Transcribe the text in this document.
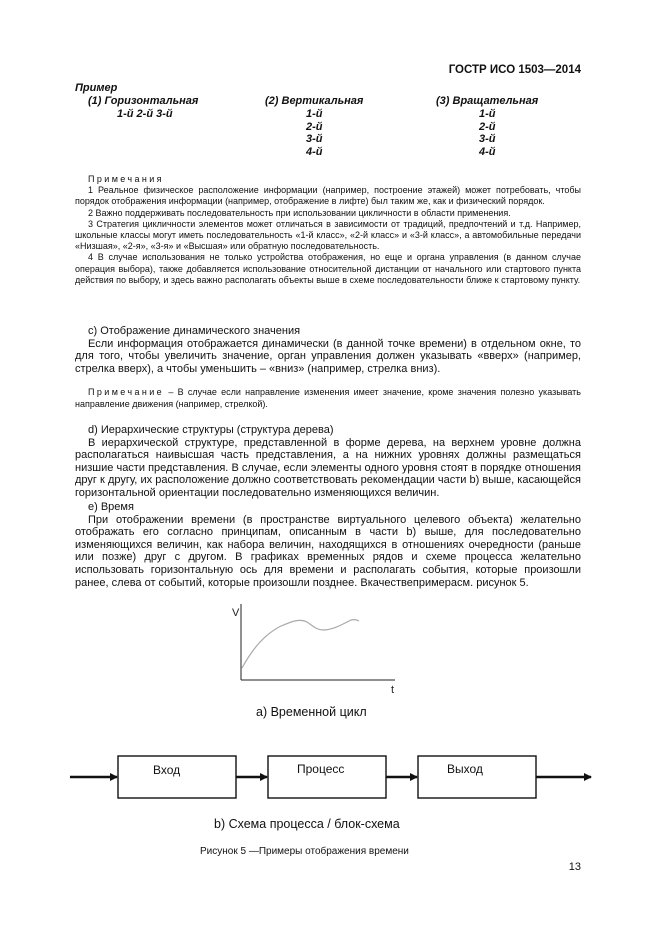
ГОСТР ИСО 1503—2014
Пример
(1) Горизонтальная
1-й 2-й 3-й
(2) Вертикальная
1-й
2-й
3-й
4-й
(3) Вращательная
1-й
2-й
3-й
4-й

Примечания

1 Реальное физическое расположение информации (например, построение этажей) может потребовать, чтобы порядок отображения информации (например, отображение в лифте) был таким же, как и физический порядок.

2 Важно поддерживать последовательность при использовании цикличности в области применения.

3 Стратегия цикличности элементов может отличаться в зависимости от традиций, предпочтений и т.д. Например, школьные классы могут иметь последовательность «1-й класс», «2-й класс» и «3-й класс», а автомобильные передачи «Низшая», «2-я», «3-я» и «Высшая» или обратную последовательность.

4 В случае использования не только устройства отображения, но еще и органа управления (в данном случае операция выбора), также добавляется использование относительной дистанции от начального или стартового пункта действия по выбору, и здесь важно располагать объекты выше в схеме последовательности ближе к стартовому пункту.

c) Отображение динамического значения

Если информация отображается динамически (в данной точке времени) в отдельном окне, то для того, чтобы увеличить значение, орган управления должен указывать «вверх» (например, стрелка вверх), а чтобы уменьшить – «вниз» (например, стрелка вниз).

Примечание – В случае если направление изменения имеет значение, кроме значения полезно указывать направление движения (например, стрелкой).

d) Иерархические структуры (структура дерева)

В иерархической структуре, представленной в форме дерева, на верхнем уровне должна располагаться наивысшая часть представления, а на нижних уровнях должны размещаться низшие части представления. В случае, если элементы одного уровня стоят в порядке отношения друг к другу, их расположение должно соответствовать рекомендации части b) выше, касающейся горизонтальной ориентации последовательно изменяющихся величин.

e) Время

При отображении времени (в пространстве виртуального целевого объекта) желательно отображать его согласно принципам, описанным в части b) выше, для последовательно изменяющихся величин, как набора величин, находящихся в отношениях очередности (раньше или позже) друг с другом. В графиках временных рядов и схеме процесса желательно использовать горизонтальную ось для времени и располагать события, которые произошли ранее, слева от событий, которые произошли позднее. Вкачествепримерасм. рисунок 5.

V
t
a) Временной цикл
Вход	Процесс	Выход
b) Схема процесса / блок-схема
Рисунок 5 —Примеры отображения времени
13
